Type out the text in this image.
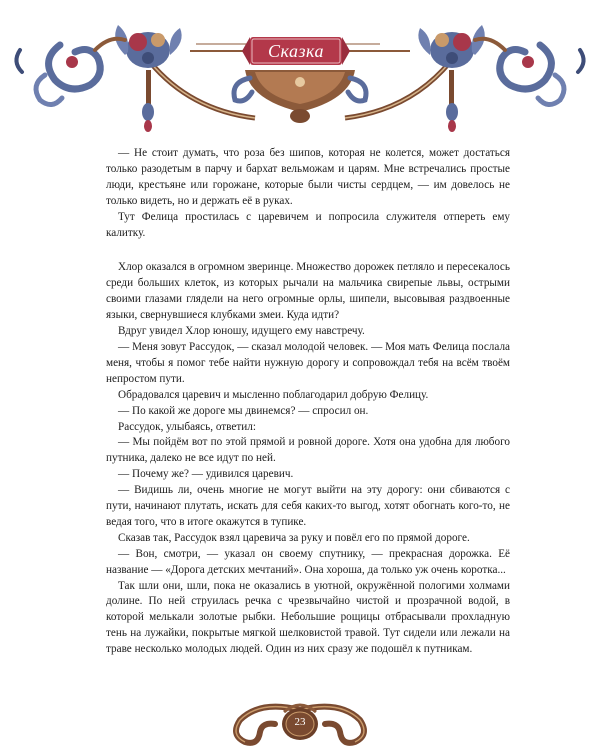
Сказка

— Не стоит думать, что роза без шипов, которая не колется, может достаться только разодетым в парчу и бархат вельможам и царям. Мне встречались простые люди, крестьяне или горожане, которые были чисты сердцем, — им довелось не только видеть, но и держать её в руках.

Тут Фелица простилась с царевичем и попросила служителя отпереть ему калитку.

Хлор оказался в огромном зверинце. Множество дорожек петляло и пересекалось среди больших клеток, из которых рычали на мальчика свирепые львы, острыми своими глазами глядели на него огромные орлы, шипели, высовывая раздвоенные языки, свернувшиеся клубками змеи. Куда идти?

Вдруг увидел Хлор юношу, идущего ему навстречу.

— Меня зовут Рассудок, — сказал молодой человек. — Моя мать Фелица послала меня, чтобы я помог тебе найти нужную дорогу и сопровождал тебя на всём твоём непростом пути.

Обрадовался царевич и мысленно поблагодарил добрую Фелицу.

— По какой же дороге мы двинемся? — спросил он.

Рассудок, улыбаясь, ответил:

— Мы пойдём вот по этой прямой и ровной дороге. Хотя она удобна для любого путника, далеко не все идут по ней.

— Почему же? — удивился царевич.

— Видишь ли, очень многие не могут выйти на эту дорогу: они сбиваются с пути, начинают плутать, искать для себя каких-то выгод, хотят обогнать кого-то, не ведая того, что в итоге окажутся в тупике.

Сказав так, Рассудок взял царевича за руку и повёл его по прямой дороге.

— Вон, смотри, — указал он своему спутнику, — прекрасная дорожка. Её название — «Дорога детских мечтаний». Она хороша, да только уж очень коротка...

Так шли они, шли, пока не оказались в уютной, окружённой пологими холмами долине. По ней струилась речка с чрезвычайно чистой и прозрачной водой, в которой мелькали золотые рыбки. Небольшие рощицы отбрасывали прохладную тень на лужайки, покрытые мягкой шелковистой травой. Тут сидели или лежали на траве несколько молодых людей. Один из них сразу же подошёл к путникам.

23
